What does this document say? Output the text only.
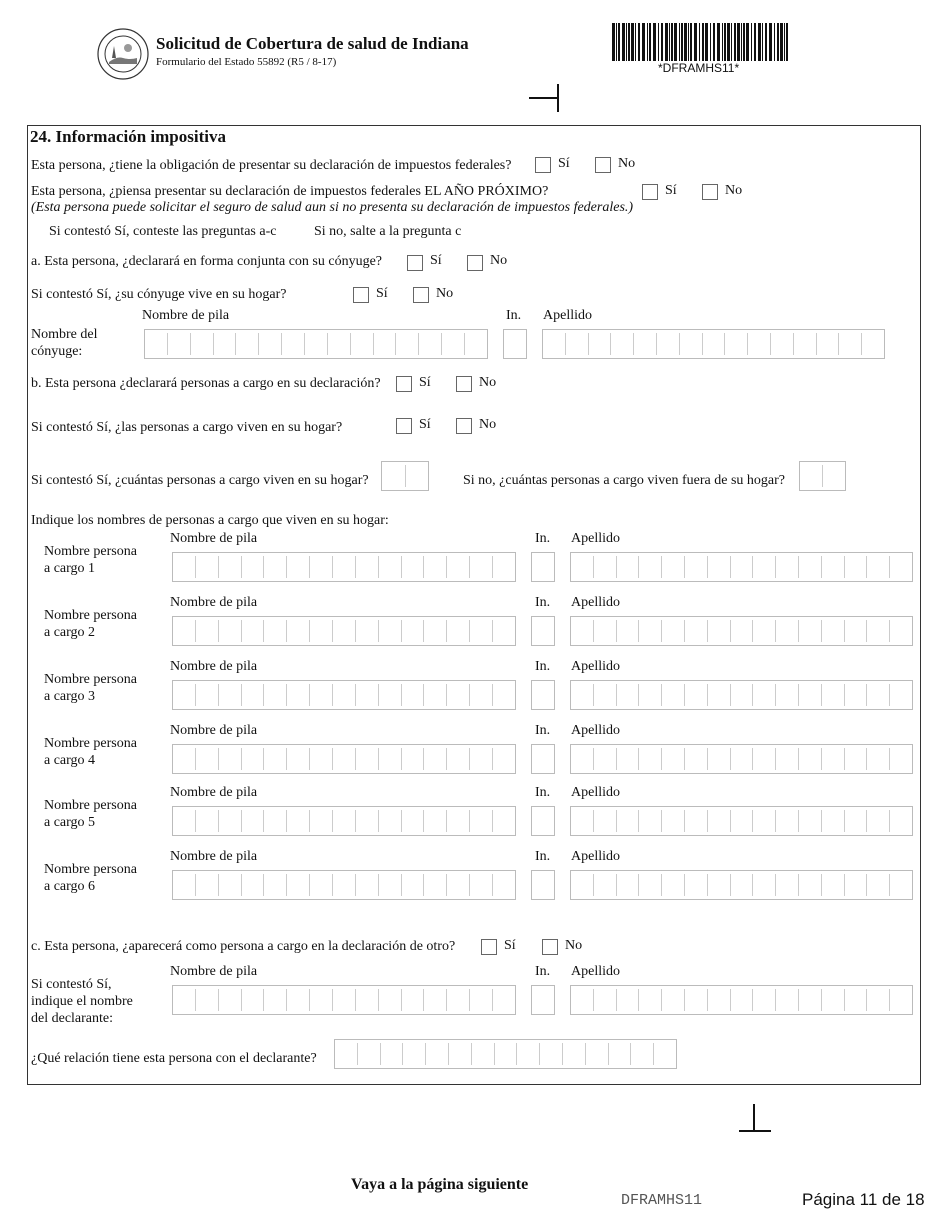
Solicitud de Cobertura de salud de Indiana
Formulario del Estado 55892 (R5 / 8-17)	*DFRAMHS11*
24. Información impositiva
Esta persona, ¿tiene la obligación de presentar su declaración de impuestos federales?	Sí	No
Esta persona, ¿piensa presentar su declaración de impuestos federales EL AÑO PRÓXIMO?	Sí	No
(Esta persona puede solicitar el seguro de salud aun si no presenta su declaración de impuestos federales.)
Si contestó Sí, conteste las preguntas a-c	Si no, salte a la pregunta c
a. Esta persona, ¿declarará en forma conjunta con su cónyuge?	Sí	No
Si contestó Sí, ¿su cónyuge vive en su hogar?	Sí	No
Nombre de pila	In. Apellido
Nombre del
cónyuge:
b. Esta persona ¿declarará personas a cargo en su declaración?	Sí	No
Si contestó Sí, ¿las personas a cargo viven en su hogar?	Sí	No
Si contestó Sí, ¿cuántas personas a cargo viven en su hogar?	Si no, ¿cuántas personas a cargo viven fuera de su hogar?
Indique los nombres de personas a cargo que viven en su hogar:
Nombre de pila	In. Apellido
Nombre persona
a cargo 1
Nombre de pila	In. Apellido
Nombre persona
a cargo 2
Nombre de pila	In. Apellido
Nombre persona
a cargo 3
Nombre de pila	In. Apellido
Nombre persona
a cargo 4
Nombre de pila	In. Apellido
Nombre persona
a cargo 5
Nombre de pila	In. Apellido
Nombre persona
a cargo 6
c. Esta persona, ¿aparecerá como persona a cargo en la declaración de otro?	Sí	No
Nombre de pila	In. Apellido
Si contestó Sí,
indique el nombre
del declarante:
¿Qué relación tiene esta persona con el declarante?
Vaya a la página siguiente
DFRAMHS11	Página 11 de 18
